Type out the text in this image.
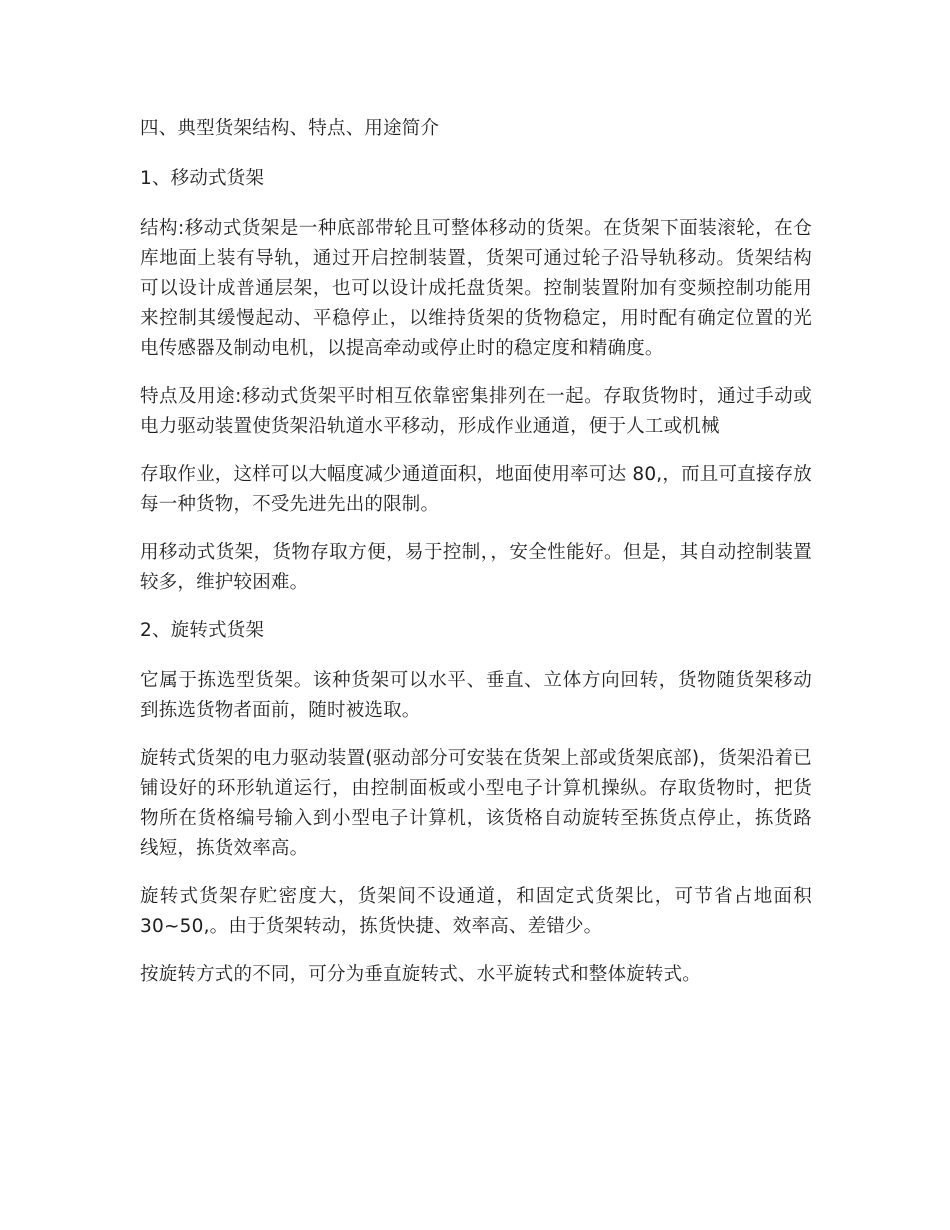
四、典型货架结构、特点、用途简介
1、移动式货架

结构:移动式货架是一种底部带轮且可整体移动的货架。在货架下面装滚轮，在仓库地面上装有导轨，通过开启控制装置，货架可通过轮子沿导轨移动。货架结构可以设计成普通层架，也可以设计成托盘货架。控制装置附加有变频控制功能用来控制其缓慢起动、平稳停止，以维持货架的货物稳定，用时配有确定位置的光电传感器及制动电机，以提高牵动或停止时的稳定度和精确度。

特点及用途:移动式货架平时相互依靠密集排列在一起。存取货物时，通过手动或电力驱动装置使货架沿轨道水平移动，形成作业通道，便于人工或机械

存取作业，这样可以大幅度减少通道面积，地面使用率可达 80,，而且可直接存放每一种货物，不受先进先出的限制。

用移动式货架，货物存取方便，易于控制，，安全性能好。但是，其自动控制装置较多，维护较困难。

2、旋转式货架

它属于拣选型货架。该种货架可以水平、垂直、立体方向回转，货物随货架移动到拣选货物者面前，随时被选取。

旋转式货架的电力驱动装置(驱动部分可安装在货架上部或货架底部)，货架沿着已铺设好的环形轨道运行，由控制面板或小型电子计算机操纵。存取货物时，把货物所在货格编号输入到小型电子计算机，该货格自动旋转至拣货点停止，拣货路线短，拣货效率高。

旋转式货架存贮密度大，货架间不设通道，和固定式货架比，可节省占地面积 30~50,。由于货架转动，拣货快捷、效率高、差错少。

按旋转方式的不同，可分为垂直旋转式、水平旋转式和整体旋转式。
